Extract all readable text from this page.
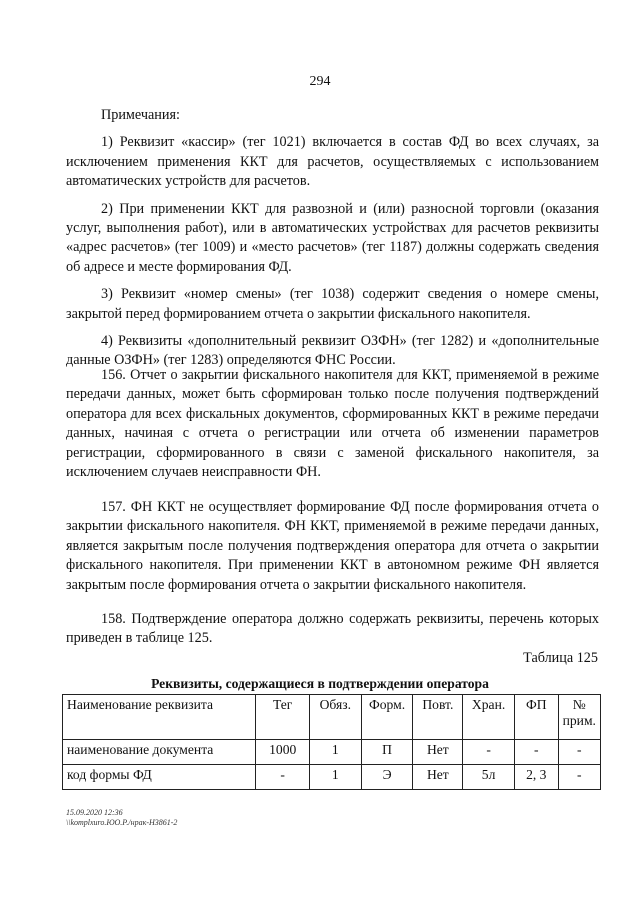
294

Примечания:

1) Реквизит «кассир» (тег 1021) включается в состав ФД во всех случаях, за исключением применения ККТ для расчетов, осуществляемых с использованием автоматических устройств для расчетов.

2) При применении ККТ для развозной и (или) разносной торговли (оказания услуг, выполнения работ), или в автоматических устройствах для расчетов реквизиты «адрес расчетов» (тег 1009) и «место расчетов» (тег 1187) должны содержать сведения об адресе и месте формирования ФД.

3) Реквизит «номер смены» (тег 1038) содержит сведения о номере смены, закрытой перед формированием отчета о закрытии фискального накопителя.

4) Реквизиты «дополнительный реквизит ОЗФН» (тег 1282) и «дополнительные данные ОЗФН» (тег 1283) определяются ФНС России.

156. Отчет о закрытии фискального накопителя для ККТ, применяемой в режиме передачи данных, может быть сформирован только после получения подтверждений оператора для всех фискальных документов, сформированных ККТ в режиме передачи данных, начиная с отчета о регистрации или отчета об изменении параметров регистрации, сформированного в связи с заменой фискального накопителя, за исключением случаев неисправности ФН.

157. ФН ККТ не осуществляет формирование ФД после формирования отчета о закрытии фискального накопителя. ФН ККТ, применяемой в режиме передачи данных, является закрытым после получения подтверждения оператора для отчета о закрытии фискального накопителя. При применении ККТ в автономном режиме ФН является закрытым после формирования отчета о закрытии фискального накопителя.

158. Подтверждение оператора должно содержать реквизиты, перечень которых приведен в таблице 125.

Таблица 125
Реквизиты, содержащиеся в подтверждении оператора
Наименование реквизита	Тег	Обяз.	Форм.	Повт.	Хран.	ФП	№ прим.
наименование документа	1000	1	П	Нет	-	-	-
код формы ФД	-	1	Э	Нет	5л	2, 3	-
15.09.2020 12:36
\\komplxuro.ЮО.Р./нрак-Н3861-2
